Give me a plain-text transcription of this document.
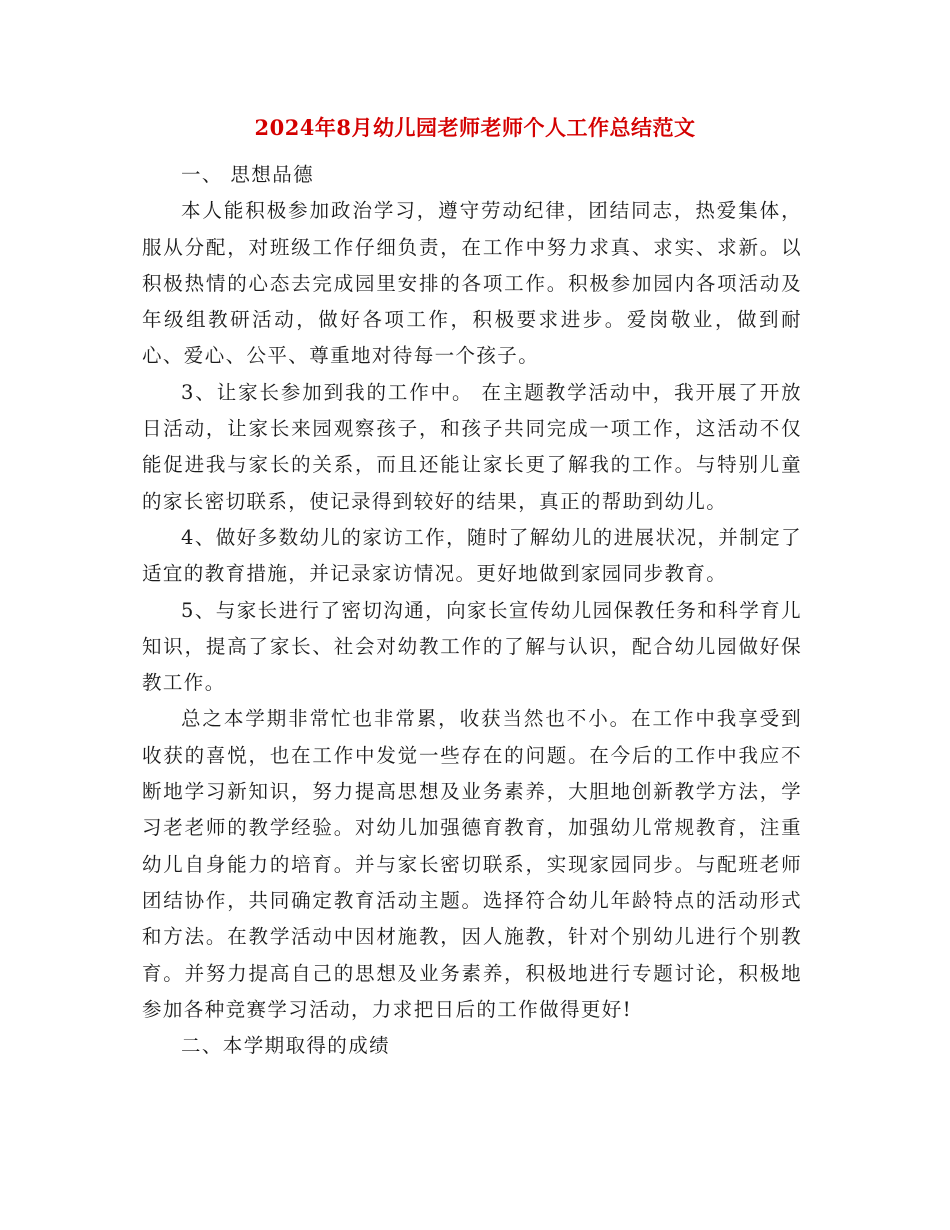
2024年8月幼儿园老师老师个人工作总结范文

一、 思想品德

本人能积极参加政治学习，遵守劳动纪律，团结同志，热爱集体，服从分配，对班级工作仔细负责，在工作中努力求真、求实、求新。以积极热情的心态去完成园里安排的各项工作。积极参加园内各项活动及年级组教研活动，做好各项工作，积极要求进步。爱岗敬业，做到耐心、爱心、公平、尊重地对待每一个孩子。

3、让家长参加到我的工作中。 在主题教学活动中，我开展了开放日活动，让家长来园观察孩子，和孩子共同完成一项工作，这活动不仅能促进我与家长的关系，而且还能让家长更了解我的工作。与特别儿童的家长密切联系，使记录得到较好的结果，真正的帮助到幼儿。

4、做好多数幼儿的家访工作，随时了解幼儿的进展状况，并制定了适宜的教育措施，并记录家访情况。更好地做到家园同步教育。

5、与家长进行了密切沟通，向家长宣传幼儿园保教任务和科学育儿知识，提高了家长、社会对幼教工作的了解与认识，配合幼儿园做好保教工作。

总之本学期非常忙也非常累，收获当然也不小。在工作中我享受到收获的喜悦，也在工作中发觉一些存在的问题。在今后的工作中我应不断地学习新知识，努力提高思想及业务素养，大胆地创新教学方法，学习老老师的教学经验。对幼儿加强德育教育，加强幼儿常规教育，注重幼儿自身能力的培育。并与家长密切联系，实现家园同步。与配班老师团结协作，共同确定教育活动主题。选择符合幼儿年龄特点的活动形式和方法。在教学活动中因材施教，因人施教，针对个别幼儿进行个别教育。并努力提高自己的思想及业务素养，积极地进行专题讨论，积极地参加各种竞赛学习活动，力求把日后的工作做得更好!

二、本学期取得的成绩
